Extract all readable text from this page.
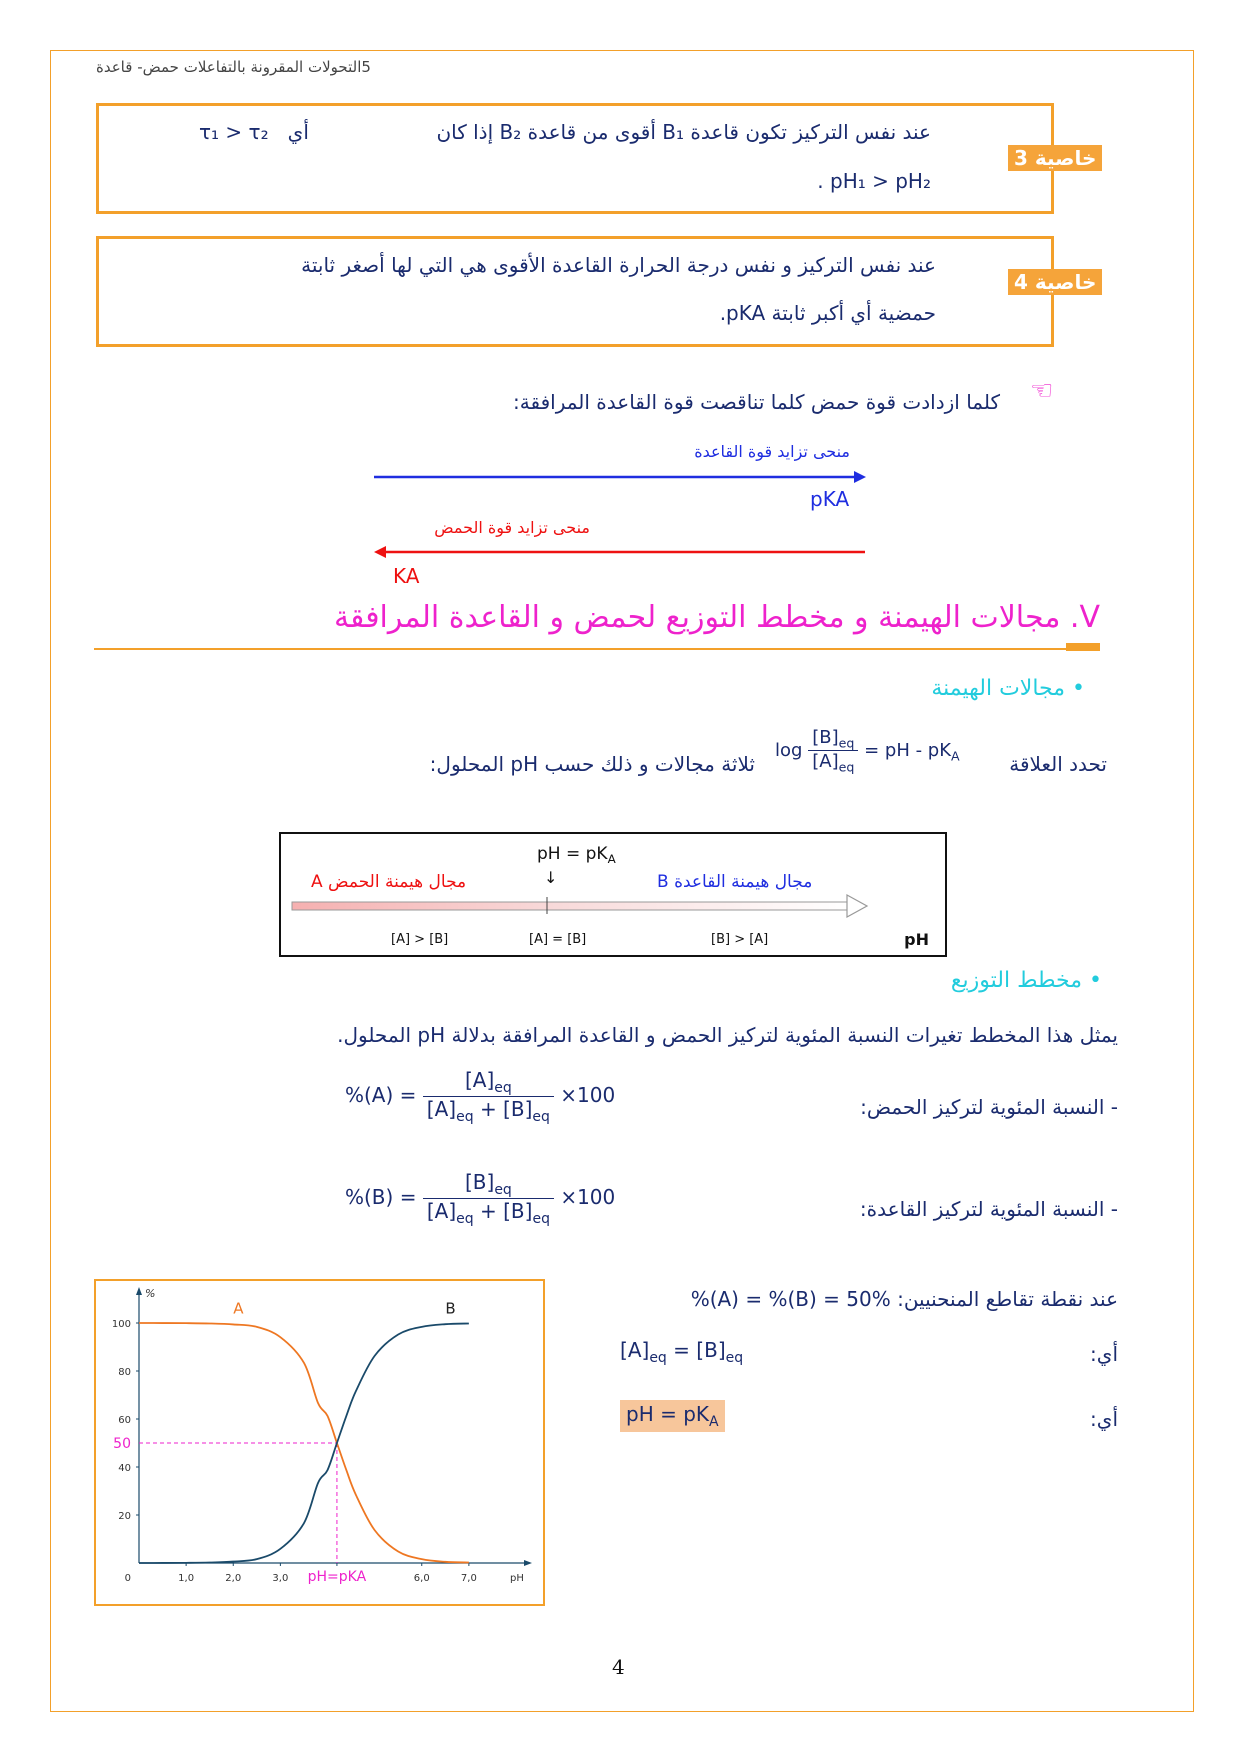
5التحولات المقرونة بالتفاعلات حمض- قاعدة
عند نفس التركيز تكون قاعدة B₁ أقوى من قاعدة B₂ إذا كان
أي   τ₁ > τ₂
pH₁ > pH₂ .
خاصية 3
عند نفس التركيز و نفس درجة الحرارة القاعدة الأقوى هي التي لها أصغر ثابتة
حمضية أي أكبر ثابتة pKA.
خاصية 4
☜
كلما ازدادت قوة حمض كلما تناقصت قوة القاعدة المرافقة:
منحى تزايد قوة القاعدة
pKA
منحى تزايد قوة الحمض
KA
V. مجالات الهيمنة و مخطط التوزيع لحمض و القاعدة المرافقة
• مجالات الهيمنة
تحدد العلاقة
$\log \frac{[B]_{eq}}{[A]_{eq}}$ = pH - $pK_A$
ثلاثة مجالات و ذلك حسب pH المحلول:
pH = $pK_A$
↓
مجال هيمنة الحمض A	مجال هيمنة القاعدة B
[A] > [B]	[A] = [B]	[B] > [A]	pH
• مخطط التوزيع
يمثل هذا المخطط تغيرات النسبة المئوية لتركيز الحمض و القاعدة المرافقة بدلالة pH المحلول.
- النسبة المئوية لتركيز الحمض:
$\%(A) = \frac{[A]_{eq}}{[A]_{eq} + [B]_{eq}} \times 100$
- النسبة المئوية لتركيز القاعدة:
$\%(B) = \frac{[B]_{eq}}{[A]_{eq} + [B]_{eq}} \times 100$
عند نقطة تقاطع المنحنيين: %(A) = %(B) = 50%
أي:
$[A]_{eq} = [B]_{eq}$
أي:
pH = $pK_A$
%
pH
20
40
60
80
100
0	1,0	2,0	3,0 pH=pKA	6,0	7,0
50
A	B
4
